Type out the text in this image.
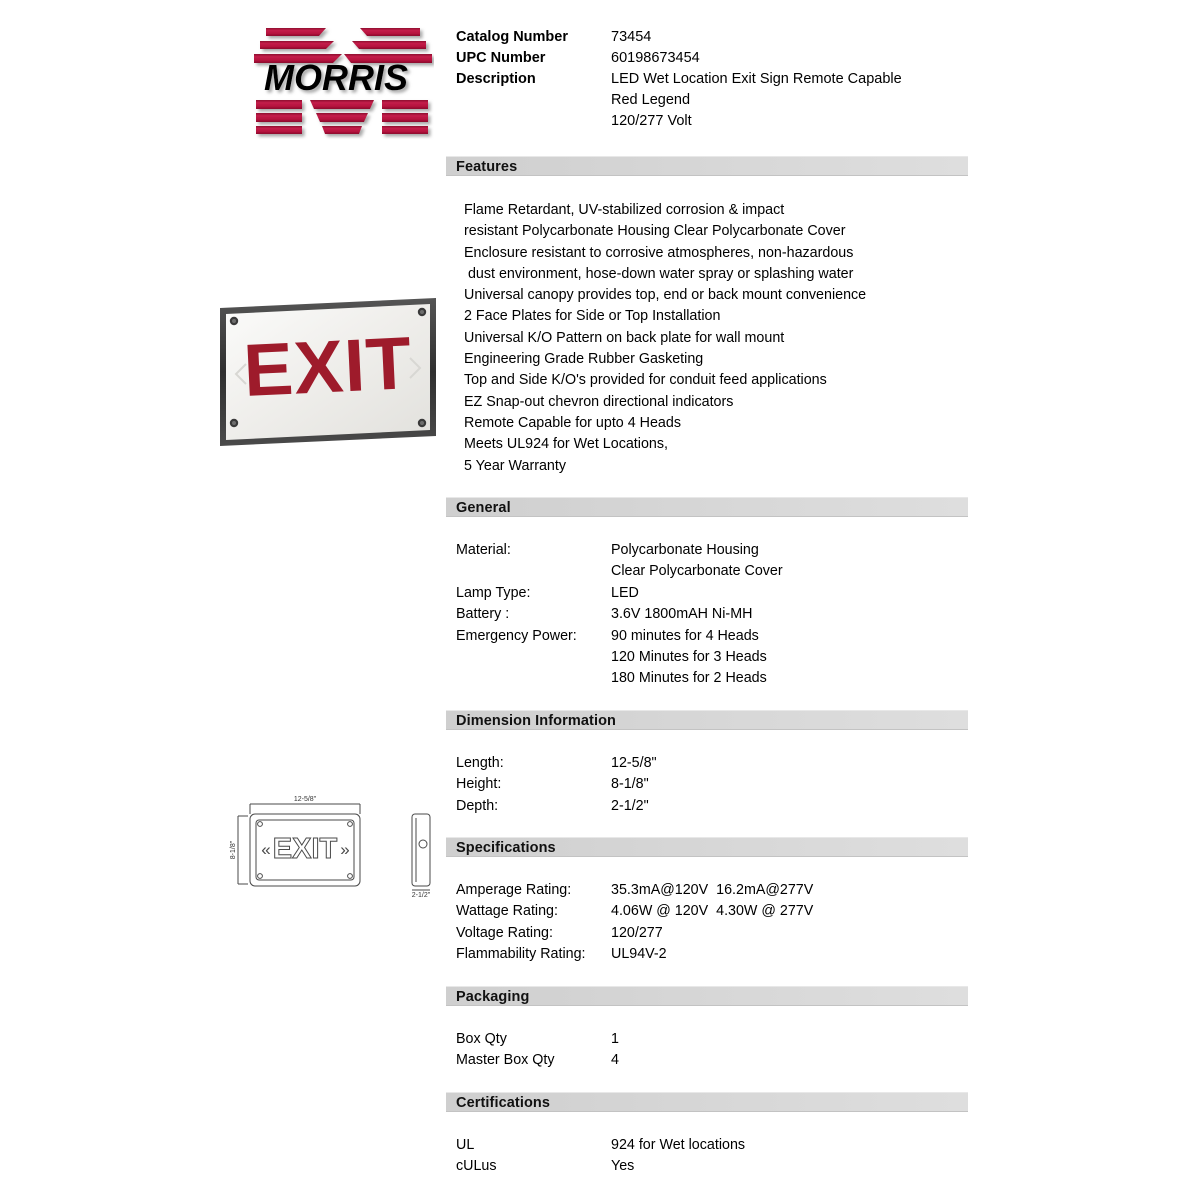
MORRIS
Catalog Number	73454
UPC Number	60198673454
Description	LED Wet Location Exit Sign Remote Capable
Red Legend
120/277 Volt
EXIT
Features
Flame Retardant, UV-stabilized corrosion & impact
resistant Polycarbonate Housing Clear Polycarbonate Cover
Enclosure resistant to corrosive atmospheres, non-hazardous
dust environment, hose-down water spray or splashing water
Universal canopy provides top, end or back mount convenience
2 Face Plates for Side or Top Installation
Universal K/O Pattern on back plate for wall mount
Engineering Grade Rubber Gasketing
Top and Side K/O's provided for conduit feed applications
EZ Snap-out chevron directional indicators
Remote Capable for upto 4 Heads
Meets UL924 for Wet Locations,
5 Year Warranty
General
Material:	Polycarbonate Housing
Clear Polycarbonate Cover
Lamp Type:	LED
Battery :	3.6V 1800mAH Ni-MH
Emergency Power:	90 minutes for 4 Heads
120 Minutes for 3 Heads
180 Minutes for 2 Heads
EXIT
«	»
12-5/8"
8-1/8"
2-1/2"
Dimension Information
Length:	12-5/8"
Height:	8-1/8"
Depth:	2-1/2"
Specifications
Amperage Rating:	35.3mA@120V  16.2mA@277V
Wattage Rating:	4.06W @ 120V  4.30W @ 277V
Voltage Rating:	120/277
Flammability Rating:	UL94V-2
Packaging
Box Qty	1
Master Box Qty	4
Certifications
UL	924 for Wet locations
cULus	Yes
